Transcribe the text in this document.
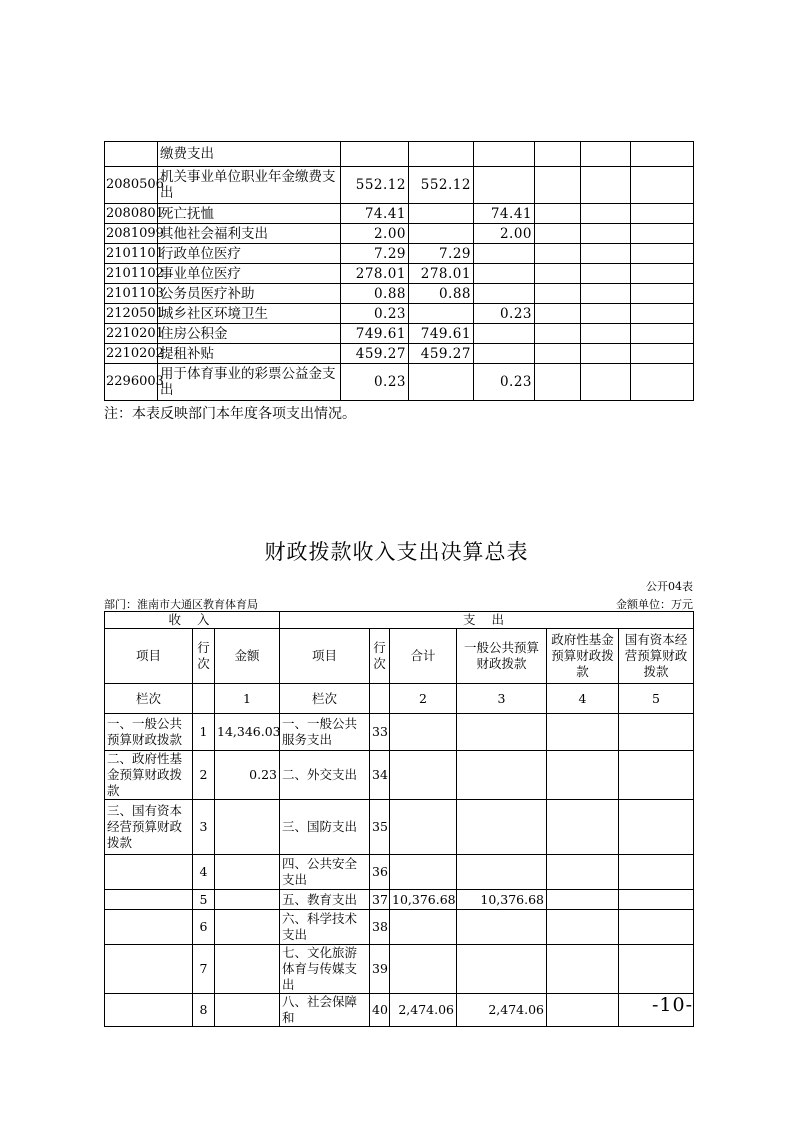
	缴费支出						
2080506	机关事业单位职业年金缴费支出	552.12	552.12				
2080801	死亡抚恤	74.41		74.41			
2081099	其他社会福利支出	2.00		2.00			
2101101	行政单位医疗	7.29	7.29				
2101102	事业单位医疗	278.01	278.01				
2101103	公务员医疗补助	0.88	0.88				
2120501	城乡社区环境卫生	0.23		0.23			
2210201	住房公积金	749.61	749.61				
2210202	提租补贴	459.27	459.27				
2296003	用于体育事业的彩票公益金支出	0.23		0.23			
注：本表反映部门本年度各项支出情况。
财政拨款收入支出决算总表
公开04表
部门：淮南市大通区教育体育局	金额单位：万元
收 入			支 出					
项目	行次	金额	项目	行次	合计	一般公共预算财政拨款	政府性基金预算财政拨款	国有资本经营预算财政拨款
栏次		1	栏次		2	3	4	5
一、一般公共预算财政拨款	1	14,346.03	一、一般公共服务支出	33				
二、政府性基金预算财政拨款	2	0.23	二、外交支出	34				
三、国有资本经营预算财政拨款	3		三、国防支出	35				
	4		四、公共安全支出	36				
	5		五、教育支出	37	10,376.68	10,376.68		
	6		六、科学技术支出	38				
	7		七、文化旅游体育与传媒支出	39				
	8		八、社会保障和	40	2,474.06	2,474.06			-10-
